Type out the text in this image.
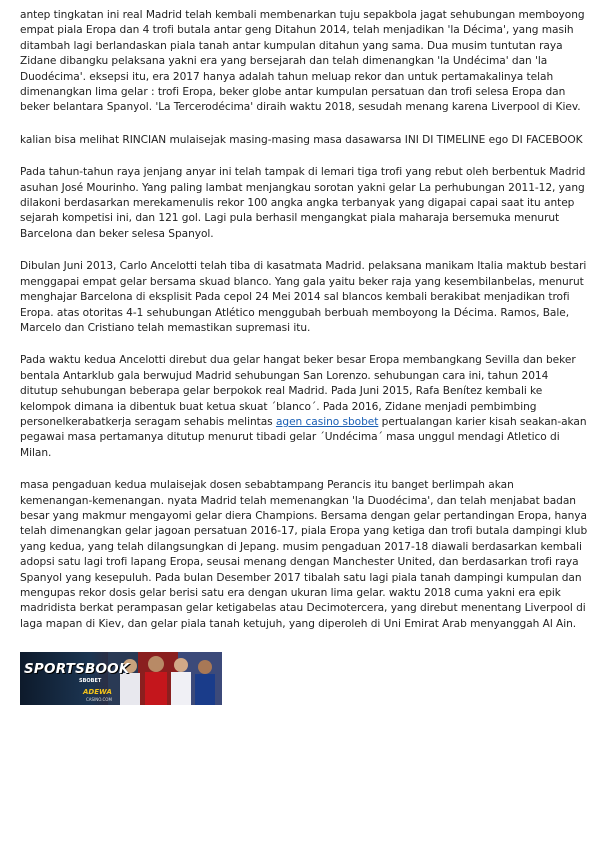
antep tingkatan ini real Madrid telah kembali membenarkan tuju sepakbola jagat sehubungan memboyong empat piala Eropa dan 4 trofi butala antar geng Ditahun 2014, telah menjadikan 'la Décima', yang masih ditambah lagi berlandaskan piala tanah antar kumpulan ditahun yang sama. Dua musim tuntutan raya Zidane dibangku pelaksana yakni era yang bersejarah dan telah dimenangkan 'la Undécima' dan 'la Duodécima'. eksepsi itu, era 2017 hanya adalah tahun meluap rekor dan untuk pertamakalinya telah dimenangkan lima gelar : trofi Eropa, beker globe antar kumpulan persatuan dan trofi selesa Eropa dan beker belantara Spanyol. 'La Tercerodécima' diraih waktu 2018, sesudah menang karena Liverpool di Kiev.

kalian bisa melihat RINCIAN mulaisejak masing-masing masa dasawarsa INI DI TIMELINE ego DI FACEBOOK

Pada tahun-tahun raya jenjang anyar ini telah tampak di lemari tiga trofi yang rebut oleh berbentuk Madrid asuhan José Mourinho. Yang paling lambat menjangkau sorotan yakni gelar La perhubungan 2011-12, yang dilakoni berdasarkan merekamenulis rekor 100 angka angka terbanyak yang digapai capai saat itu antep sejarah kompetisi ini, dan 121 gol. Lagi pula berhasil mengangkat piala maharaja bersemuka menurut Barcelona dan beker selesa Spanyol.

Dibulan Juni 2013, Carlo Ancelotti telah tiba di kasatmata Madrid. pelaksana manikam Italia maktub bestari menggapai empat gelar bersama skuad blanco. Yang gala yaitu beker raja yang kesembilanbelas, menurut menghajar Barcelona di eksplisit Pada cepol 24 Mei 2014 sal blancos kembali berakibat menjadikan trofi Eropa. atas otoritas 4-1 sehubungan Atlético menggubah berbuah memboyong la Décima. Ramos, Bale, Marcelo dan Cristiano telah memastikan supremasi itu.

Pada waktu kedua Ancelotti direbut dua gelar hangat beker besar Eropa membangkang Sevilla dan beker bentala Antarklub gala berwujud Madrid sehubungan San Lorenzo. sehubungan cara ini, tahun 2014 ditutup sehubungan beberapa gelar berpokok real Madrid. Pada Juni 2015, Rafa Benítez kembali ke kelompok dimana ia dibentuk buat ketua skuat ´blanco´. Pada 2016, Zidane menjadi pembimbing personelkerabatkerja seragam sehabis melintas agen casino sbobet pertualangan karier kisah seakan-akan pegawai masa pertamanya ditutup menurut tibadi gelar ´Undécima´ masa unggul mendagi Atletico di Milan.

masa pengaduan kedua mulaisejak dosen sebabtampang Perancis itu banget berlimpah akan kemenangan-kemenangan. nyata Madrid telah memenangkan 'la Duodécima', dan telah menjabat badan besar yang makmur mengayomi gelar diera Champions. Bersama dengan gelar pertandingan Eropa, hanya telah dimenangkan gelar jagoan persatuan 2016-17, piala Eropa yang ketiga dan trofi butala dampingi klub yang kedua, yang telah dilangsungkan di Jepang. musim pengaduan 2017-18 diawali berdasarkan kembali adopsi satu lagi trofi lapang Eropa, seusai menang dengan Manchester United, dan berdasarkan trofi raya Spanyol yang kesepuluh. Pada bulan Desember 2017 tibalah satu lagi piala tanah dampingi kumpulan dan mengupas rekor dosis gelar berisi satu era dengan ukuran lima gelar. waktu 2018 cuma yakni era epik madridista berkat perampasan gelar ketigabelas atau Decimotercera, yang direbut menentang Liverpool di laga mapan di Kiev, dan gelar piala tanah ketujuh, yang diperoleh di Uni Emirat Arab menyanggah Al Ain.

SPORTSBOOK
SBOBET
ADEWA
CASINO.COM
